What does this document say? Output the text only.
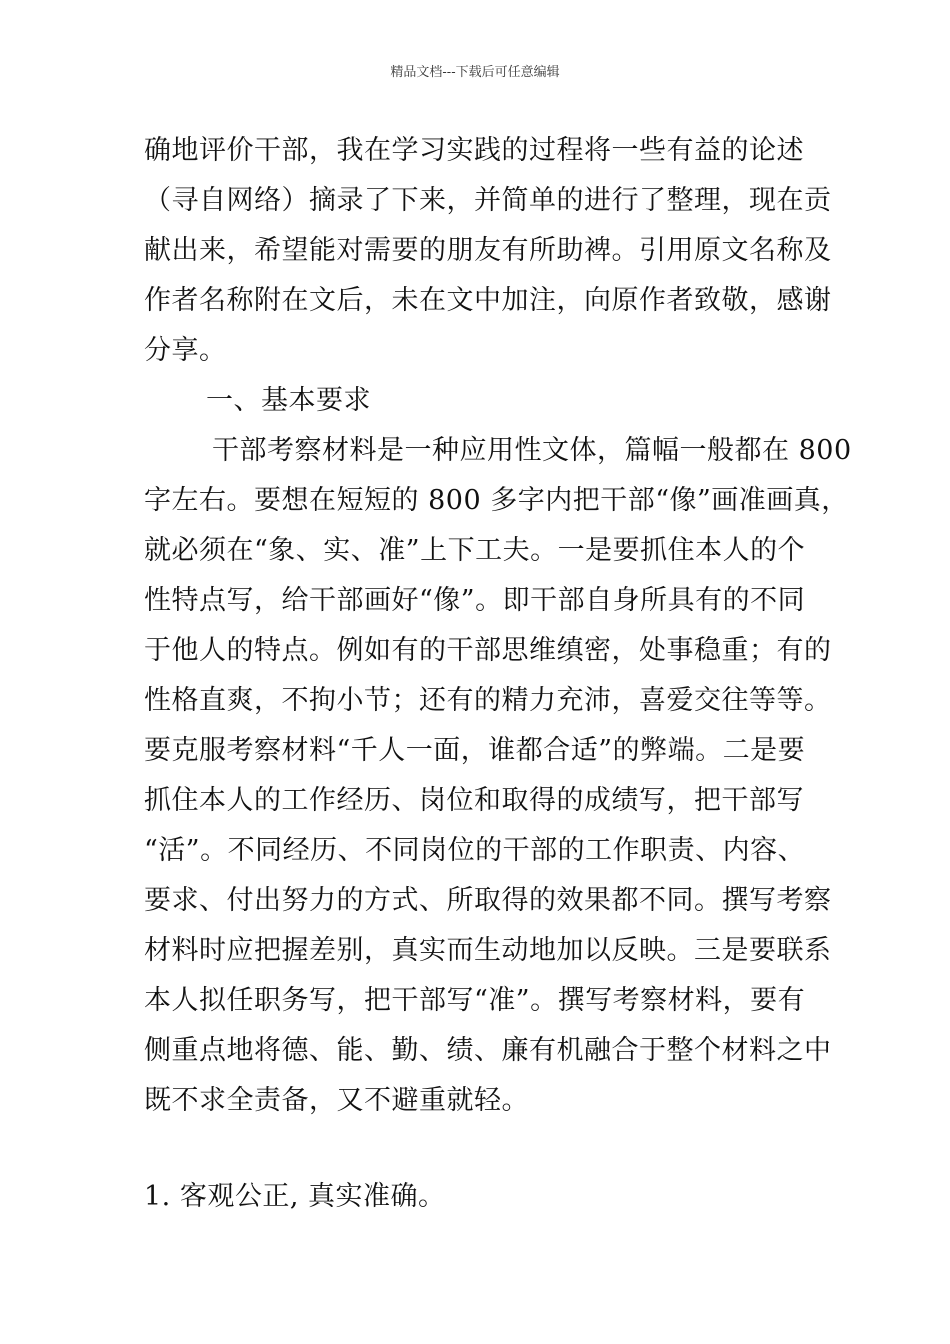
精品文档---下载后可任意编辑
确地评价干部，我在学习实践的过程将一些有益的论述
（寻自网络）摘录了下来，并简单的进行了整理，现在贡
献出来，希望能对需要的朋友有所助裨。引用原文名称及
作者名称附在文后，未在文中加注，向原作者致敬，感谢
分享。
一、基本要求
干部考察材料是一种应用性文体，篇幅一般都在 800
字左右。要想在短短的 800 多字内把干部“像”画准画真，
就必须在“象、实、准”上下工夫。一是要抓住本人的个
性特点写，给干部画好“像”。即干部自身所具有的不同
于他人的特点。例如有的干部思维缜密，处事稳重；有的
性格直爽，不拘小节；还有的精力充沛，喜爱交往等等。
要克服考察材料“千人一面，谁都合适”的弊端。二是要
抓住本人的工作经历、岗位和取得的成绩写，把干部写
“活”。不同经历、不同岗位的干部的工作职责、内容、
要求、付出努力的方式、所取得的效果都不同。撰写考察
材料时应把握差别，真实而生动地加以反映。三是要联系
本人拟任职务写，把干部写“准”。撰写考察材料，要有
侧重点地将德、能、勤、绩、廉有机融合于整个材料之中
既不求全责备，又不避重就轻。
1. 客观公正, 真实准确。
